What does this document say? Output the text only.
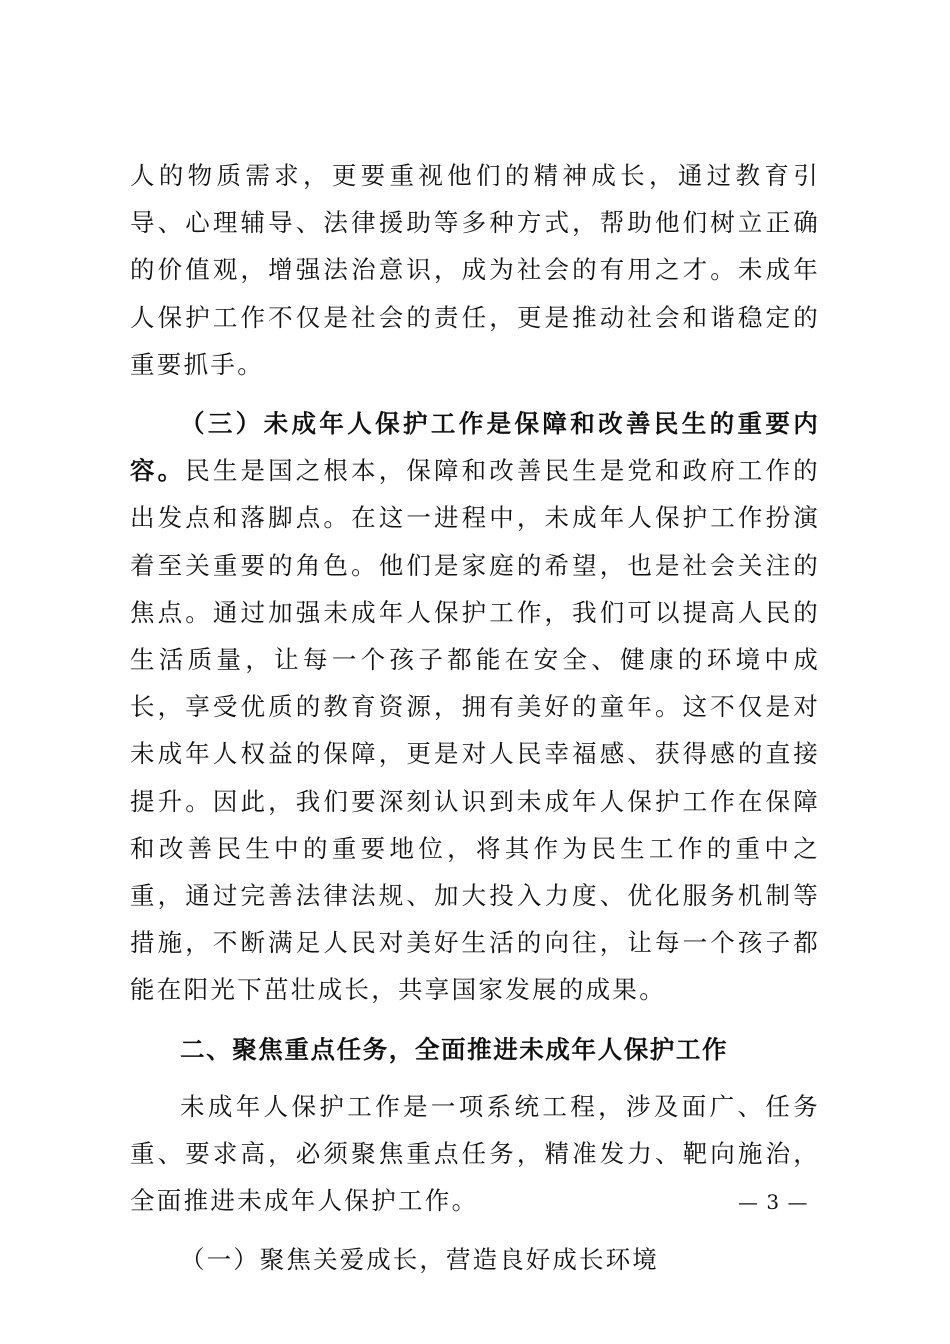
人的物质需求，更要重视他们的精神成长，通过教育引导、心理辅导、法律援助等多种方式，帮助他们树立正确的价值观，增强法治意识，成为社会的有用之才。未成年人保护工作不仅是社会的责任，更是推动社会和谐稳定的重要抓手。

（三）未成年人保护工作是保障和改善民生的重要内容。民生是国之根本，保障和改善民生是党和政府工作的出发点和落脚点。在这一进程中，未成年人保护工作扮演着至关重要的角色。他们是家庭的希望，也是社会关注的焦点。通过加强未成年人保护工作，我们可以提高人民的生活质量，让每一个孩子都能在安全、健康的环境中成长，享受优质的教育资源，拥有美好的童年。这不仅是对未成年人权益的保障，更是对人民幸福感、获得感的直接提升。因此，我们要深刻认识到未成年人保护工作在保障和改善民生中的重要地位，将其作为民生工作的重中之重，通过完善法律法规、加大投入力度、优化服务机制等措施，不断满足人民对美好生活的向往，让每一个孩子都能在阳光下茁壮成长，共享国家发展的成果。

二、聚焦重点任务，全面推进未成年人保护工作

未成年人保护工作是一项系统工程，涉及面广、任务重、要求高，必须聚焦重点任务，精准发力、靶向施治，全面推进未成年人保护工作。

（一）聚焦关爱成长，营造良好成长环境
— 3 —
